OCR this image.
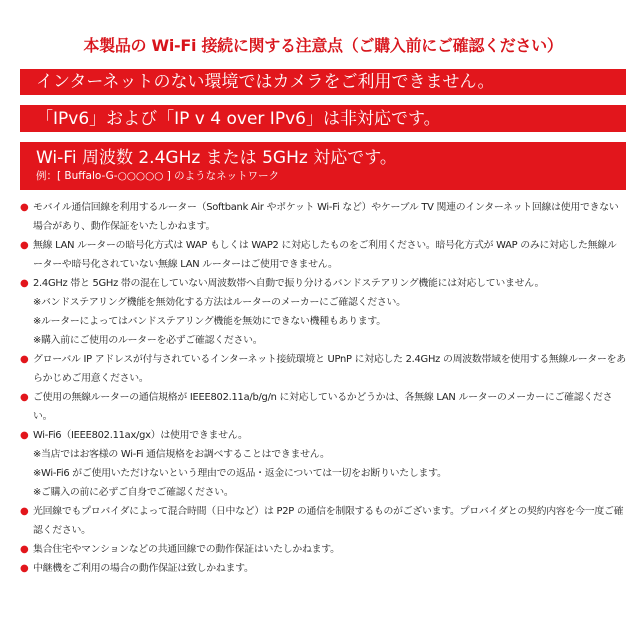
本製品の Wi-Fi 接続に関する注意点（ご購入前にご確認ください）
インターネットのない環境ではカメラをご利用できません。
「IPv6」および「IP v 4 over IPv6」は非対応です。
Wi-Fi 周波数 2.4GHz または 5GHz 対応です。
例：[ Buffalo-G-○○○○○ ] のようなネットワーク
● モバイル通信回線を利用するルーター（Softbank Air やポケット Wi-Fi など）やケーブル TV 関連のインターネット回線は使用できない場合があり、動作保証をいたしかねます。
● 無線 LAN ルーターの暗号化方式は WAP もしくは WAP2 に対応したものをご利用ください。暗号化方式が WAP のみに対応した無線ルーターや暗号化されていない無線 LAN ルーターはご使用できません。
● 2.4GHz 帯と 5GHz 帯の混在していない周波数帯へ自動で振り分けるバンドステアリング機能には対応していません。
※バンドステアリング機能を無効化する方法はルーターのメーカーにご確認ください。
※ルーターによってはバンドステアリング機能を無効にできない機種もあります。
※購入前にご使用のルーターを必ずご確認ください。
● グローバル IP アドレスが付与されているインターネット接続環境と UPnP に対応した 2.4GHz の周波数帯域を使用する無線ルーターをあらかじめご用意ください。
● ご使用の無線ルーターの通信規格が IEEE802.11a/b/g/n に対応しているかどうかは、各無線 LAN ルーターのメーカーにご確認ください。
● Wi-Fi6（IEEE802.11ax/gx）は使用できません。
※当店ではお客様の Wi-Fi 通信規格をお調べすることはできません。
※Wi-Fi6 がご使用いただけないという理由での返品・返金については一切をお断りいたします。
※ご購入の前に必ずご自身でご確認ください。
● 光回線でもプロバイダによって混合時間（日中など）は P2P の通信を制限するものがございます。プロバイダとの契約内容を今一度ご確認ください。
● 集合住宅やマンションなどの共通回線での動作保証はいたしかねます。
● 中継機をご利用の場合の動作保証は致しかねます。
